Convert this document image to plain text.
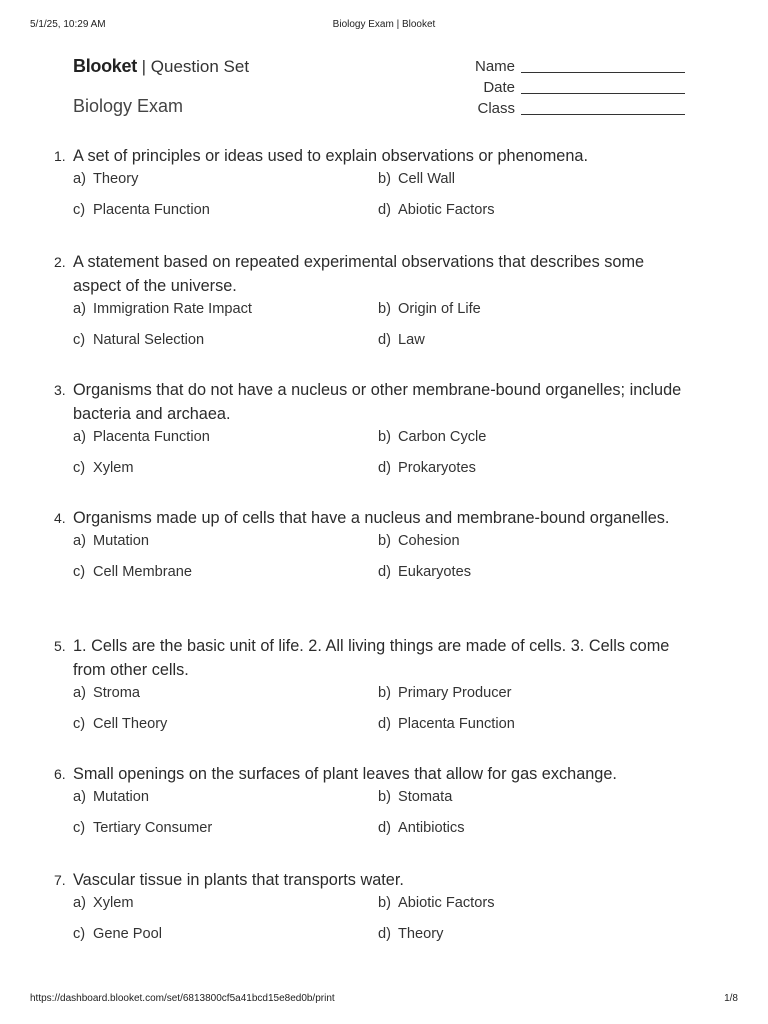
5/1/25, 10:29 AM	Biology Exam | Blooket
Blooket | Question Set
Biology Exam
Name
Date
Class
1. A set of principles or ideas used to explain observations or phenomena.
a) Theory	b) Cell Wall
c) Placenta Function	d) Abiotic Factors
2. A statement based on repeated experimental observations that describes some aspect of the universe.
a) Immigration Rate Impact	b) Origin of Life
c) Natural Selection	d) Law
3. Organisms that do not have a nucleus or other membrane-bound organelles; include bacteria and archaea.
a) Placenta Function	b) Carbon Cycle
c) Xylem	d) Prokaryotes
4. Organisms made up of cells that have a nucleus and membrane-bound organelles.
a) Mutation	b) Cohesion
c) Cell Membrane	d) Eukaryotes
5. 1. Cells are the basic unit of life. 2. All living things are made of cells. 3. Cells come from other cells.
a) Stroma	b) Primary Producer
c) Cell Theory	d) Placenta Function
6. Small openings on the surfaces of plant leaves that allow for gas exchange.
a) Mutation	b) Stomata
c) Tertiary Consumer	d) Antibiotics
7. Vascular tissue in plants that transports water.
a) Xylem	b) Abiotic Factors
c) Gene Pool	d) Theory
https://dashboard.blooket.com/set/6813800cf5a41bcd15e8ed0b/print	1/8
